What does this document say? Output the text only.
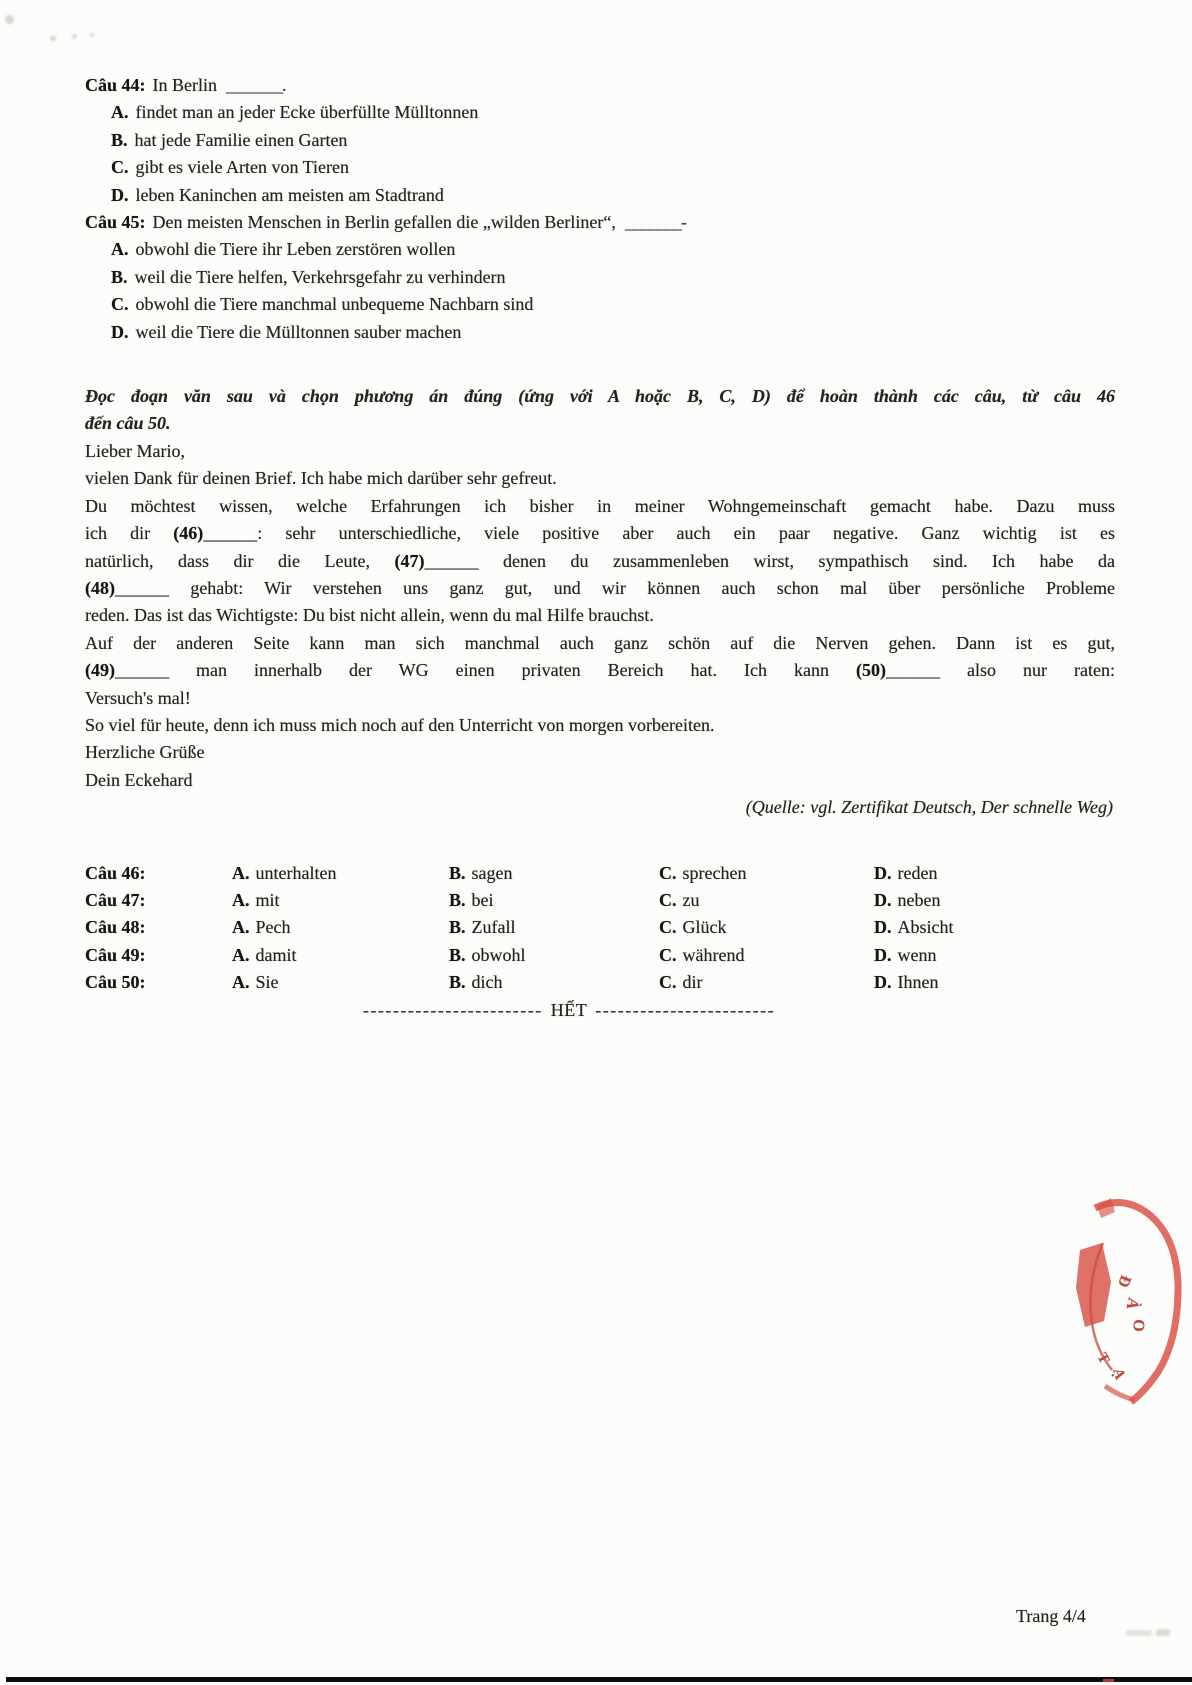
Câu 44: In Berlin _______.
A. findet man an jeder Ecke überfüllte Mülltonnen
B. hat jede Familie einen Garten
C. gibt es viele Arten von Tieren
D. leben Kaninchen am meisten am Stadtrand
Câu 45: Den meisten Menschen in Berlin gefallen die „wilden Berliner“, _______-
A. obwohl die Tiere ihr Leben zerstören wollen
B. weil die Tiere helfen, Verkehrsgefahr zu verhindern
C. obwohl die Tiere manchmal unbequeme Nachbarn sind
D. weil die Tiere die Mülltonnen sauber machen
Đọc đoạn văn sau và chọn phương án đúng (ứng với A hoặc B, C, D) để hoàn thành các câu, từ câu 46
đến câu 50.
Lieber Mario,
vielen Dank für deinen Brief. Ich habe mich darüber sehr gefreut.
Du möchtest wissen, welche Erfahrungen ich bisher in meiner Wohngemeinschaft gemacht habe. Dazu muss
ich dir (46)______: sehr unterschiedliche, viele positive aber auch ein paar negative. Ganz wichtig ist es
natürlich, dass dir die Leute, (47)______ denen du zusammenleben wirst, sympathisch sind. Ich habe da
(48)______ gehabt: Wir verstehen uns ganz gut, und wir können auch schon mal über persönliche Probleme
reden. Das ist das Wichtigste: Du bist nicht allein, wenn du mal Hilfe brauchst.
Auf der anderen Seite kann man sich manchmal auch ganz schön auf die Nerven gehen. Dann ist es gut,
(49)______ man innerhalb der WG einen privaten Bereich hat. Ich kann (50)______ also nur raten:
Versuch's mal!
So viel für heute, denn ich muss mich noch auf den Unterricht von morgen vorbereiten.
Herzliche Grüße
Dein Eckehard
(Quelle: vgl. Zertifikat Deutsch, Der schnelle Weg)
Câu 46:	A. unterhalten	B. sagen	C. sprechen	D. reden
Câu 47:	A. mit	B. bei	C. zu	D. neben
Câu 48:	A. Pech	B. Zufall	C. Glück	D. Absicht
Câu 49:	A. damit	B. obwohl	C. während	D. wenn
Câu 50:	A. Sie	B. dich	C. dir	D. Ihnen
------------------------ HẾT ------------------------
Đ
À
O
T
Ạ
Trang 4/4
